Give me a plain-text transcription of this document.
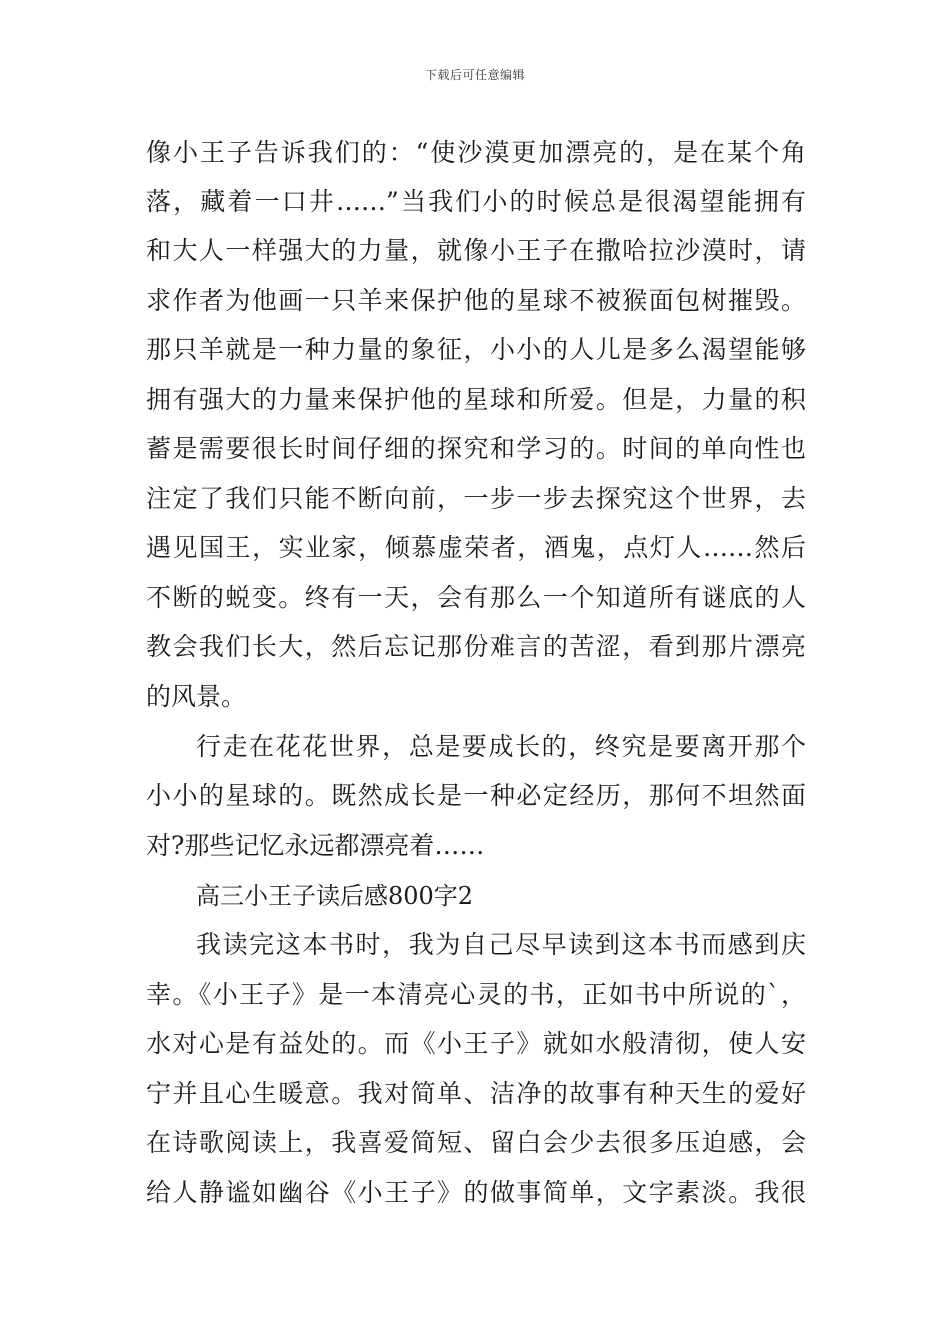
下载后可任意编辑
像小王子告诉我们的：“使沙漠更加漂亮的，是在某个角
落，藏着一口井……”当我们小的时候总是很渴望能拥有
和大人一样强大的力量，就像小王子在撒哈拉沙漠时，请
求作者为他画一只羊来保护他的星球不被猴面包树摧毁。
那只羊就是一种力量的象征，小小的人儿是多么渴望能够
拥有强大的力量来保护他的星球和所爱。但是，力量的积
蓄是需要很长时间仔细的探究和学习的。时间的单向性也
注定了我们只能不断向前，一步一步去探究这个世界，去
遇见国王，实业家，倾慕虚荣者，酒鬼，点灯人……然后
不断的蜕变。终有一天，会有那么一个知道所有谜底的人
教会我们长大，然后忘记那份难言的苦涩，看到那片漂亮
的风景。
行走在花花世界，总是要成长的，终究是要离开那个
小小的星球的。既然成长是一种必定经历，那何不坦然面
对?那些记忆永远都漂亮着……
高三小王子读后感800字2
我读完这本书时，我为自己尽早读到这本书而感到庆
幸。《小王子》是一本清亮心灵的书，正如书中所说的`，
水对心是有益处的。而《小王子》就如水般清彻，使人安
宁并且心生暖意。我对简单、洁净的故事有种天生的爱好
在诗歌阅读上，我喜爱简短、留白会少去很多压迫感，会
给人静谧如幽谷《小王子》的做事简单，文字素淡。我很
